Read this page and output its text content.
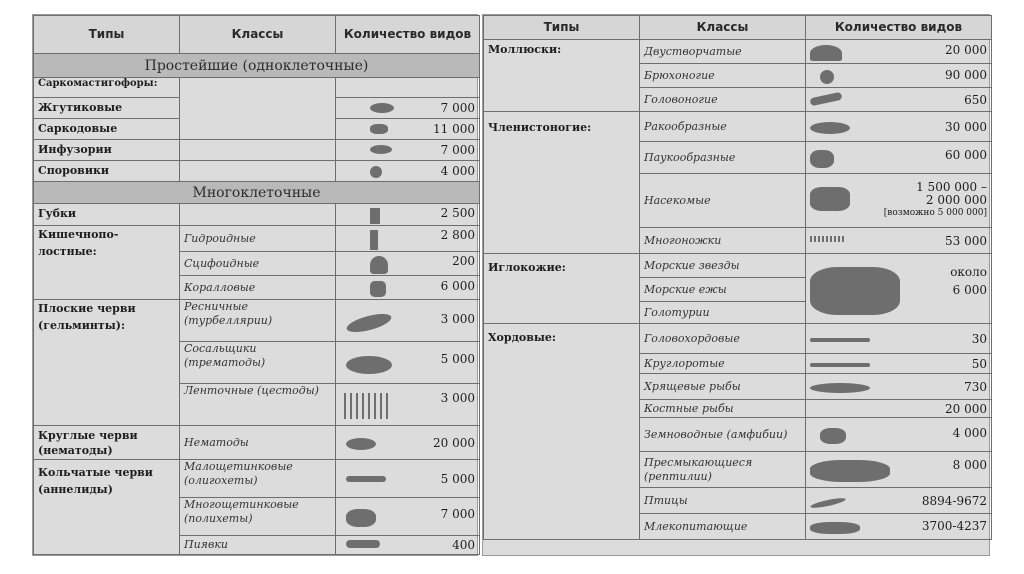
Типы	Классы	Количество видов
Простейшие (одноклеточные)		
Саркомастигофоры:		
Жгутиковые		7 000
Саркодовые		11 000
Инфузории		7 000
Споровики		4 000
Многоклеточные		
Губки		2 500
Кишечнопо-лостные:	Гидроидные	2 800
	Сцифоидные	200
	Коралловые	6 000
Плоские черви (гельминты):	Ресничные (турбеллярии)	3 000
	Сосальщики (трематоды)	5 000
	Ленточные (цестоды)	3 000
Круглые черви (нематоды)	Нематоды	20 000
Кольчатые черви (аннелиды)	Малощетинковые (олигохеты)	5 000
	Многощетинковые (полихеты)	7 000
	Пиявки	400
Типы	Классы	Количество видов
Моллюски:	Двустворчатые	20 000
	Брюхоногие	90 000
	Головоногие	650
Членистоногие:	Ракообразные	30 000
	Паукообразные	60 000
	Насекомые	1 500 000 –
2 000 000
[возможно 5 000 000]

	Многоножки	53 000
Иглокожие:	Морские звезды	около
6 000

	Морские ежы	
	Голотурии	
Хордовые:	Головохордовые	30
	Круглоротые	50
	Хрящевые рыбы	730
	Костные рыбы	20 000
	Земноводные (амфибии)	4 000
	Пресмыкающиеся (рептилии)	8 000
	Птицы	8894-9672
	Млекопитающие	3700-4237
